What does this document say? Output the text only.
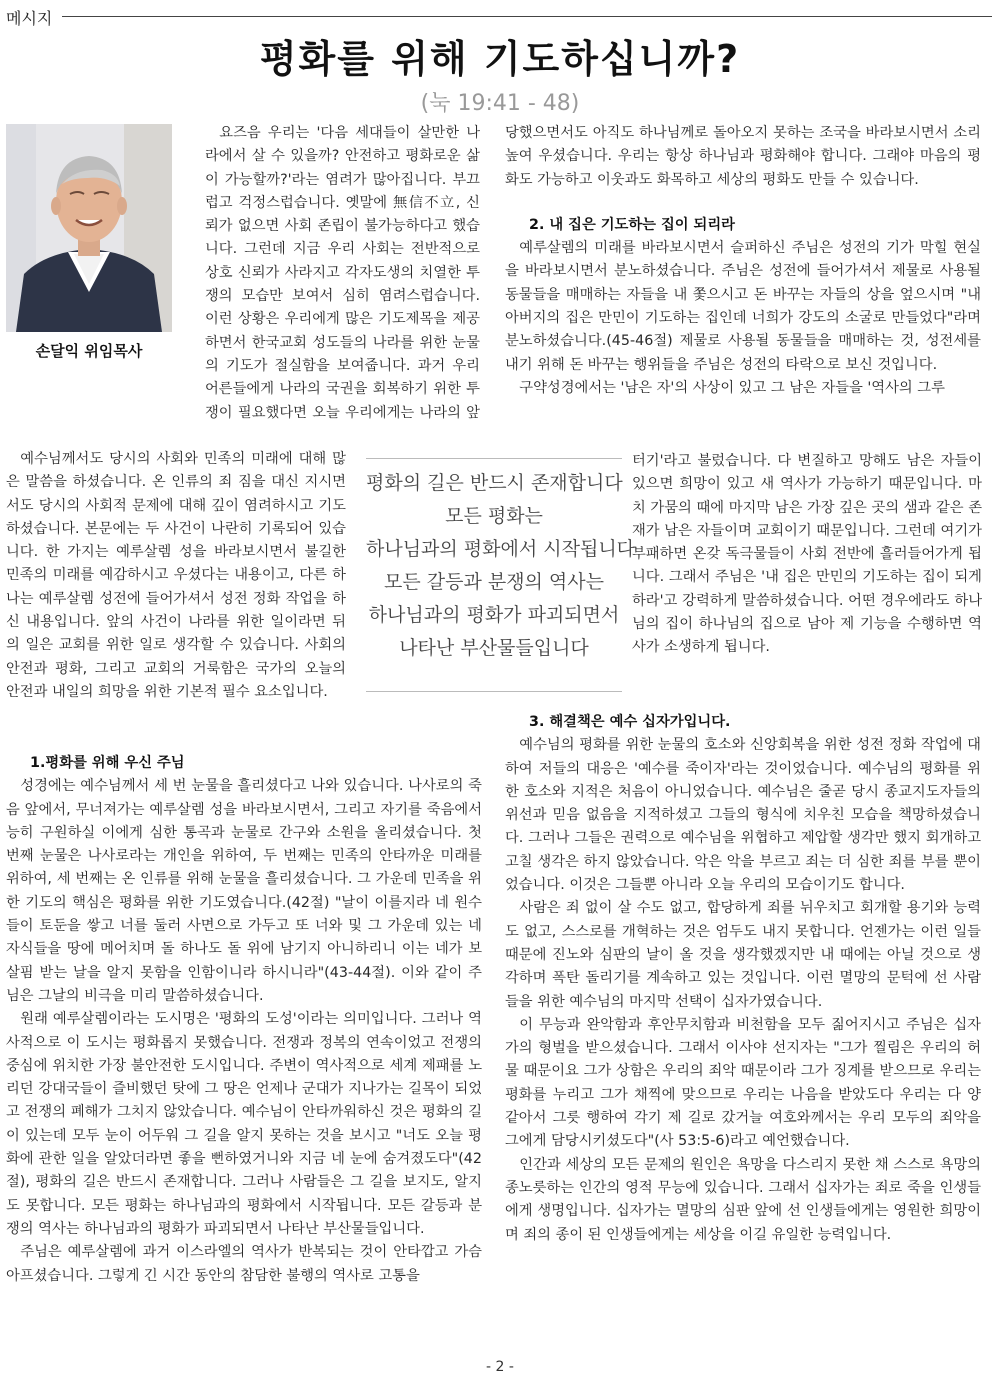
메시지
평화를 위해 기도하십니까?
(눅 19:41 - 48)
손달익 위임목사

요즈음 우리는 '다음 세대들이 살만한 나라에서 살 수 있을까? 안전하고 평화로운 삶이 가능할까?'라는 염려가 많아집니다. 부끄럽고 걱정스럽습니다. 옛말에 無信不立, 신뢰가 없으면 사회 존립이 불가능하다고 했습니다. 그런데 지금 우리 사회는 전반적으로 상호 신뢰가 사라지고 각자도생의 치열한 투쟁의 모습만 보여서 심히 염려스럽습니다. 이런 상황은 우리에게 많은 기도제목을 제공하면서 한국교회 성도들의 나라를 위한 눈물의 기도가 절실함을 보여줍니다. 과거 우리 어른들에게 나라의 국권을 회복하기 위한 투쟁이 필요했다면 오늘 우리에게는 나라의 앞

예수님께서도 당시의 사회와 민족의 미래에 대해 많은 말씀을 하셨습니다. 온 인류의 죄 짐을 대신 지시면서도 당시의 사회적 문제에 대해 깊이 염려하시고 기도하셨습니다. 본문에는 두 사건이 나란히 기록되어 있습니다. 한 가지는 예루살렘 성을 바라보시면서 불길한 민족의 미래를 예감하시고 우셨다는 내용이고, 다른 하나는 예루살렘 성전에 들어가셔서 성전 정화 작업을 하신 내용입니다. 앞의 사건이 나라를 위한 일이라면 뒤의 일은 교회를 위한 일로 생각할 수 있습니다. 사회의 안전과 평화, 그리고 교회의 거룩함은 국가의 오늘의 안전과 내일의 희망을 위한 기본적 필수 요소입니다.

평화의 길은 반드시 존재합니다
모든 평화는
하나님과의 평화에서 시작됩니다
모든 갈등과 분쟁의 역사는
하나님과의 평화가 파괴되면서
나타난 부산물들입니다

1.평화를 위해 우신 주님

성경에는 예수님께서 세 번 눈물을 흘리셨다고 나와 있습니다. 나사로의 죽음 앞에서, 무너져가는 예루살렘 성을 바라보시면서, 그리고 자기를 죽음에서 능히 구원하실 이에게 심한 통곡과 눈물로 간구와 소원을 올리셨습니다. 첫 번째 눈물은 나사로라는 개인을 위하여, 두 번째는 민족의 안타까운 미래를 위하여, 세 번째는 온 인류를 위해 눈물을 흘리셨습니다. 그 가운데 민족을 위한 기도의 핵심은 평화를 위한 기도였습니다.(42절) "날이 이를지라 네 원수들이 토둔을 쌓고 너를 둘러 사면으로 가두고 또 너와 및 그 가운데 있는 네 자식들을 땅에 메어치며 돌 하나도 돌 위에 남기지 아니하리니 이는 네가 보살핌 받는 날을 알지 못함을 인함이니라 하시니라"(43-44절). 이와 같이 주님은 그날의 비극을 미리 말씀하셨습니다.

원래 예루살렘이라는 도시명은 '평화의 도성'이라는 의미입니다. 그러나 역사적으로 이 도시는 평화롭지 못했습니다. 전쟁과 정복의 연속이었고 전쟁의 중심에 위치한 가장 불안전한 도시입니다. 주변이 역사적으로 세계 제패를 노리던 강대국들이 즐비했던 탓에 그 땅은 언제나 군대가 지나가는 길목이 되었고 전쟁의 폐해가 그치지 않았습니다. 예수님이 안타까워하신 것은 평화의 길이 있는데 모두 눈이 어두워 그 길을 알지 못하는 것을 보시고 "너도 오늘 평화에 관한 일을 알았더라면 좋을 뻔하였거니와 지금 네 눈에 숨겨졌도다"(42절), 평화의 길은 반드시 존재합니다. 그러나 사람들은 그 길을 보지도, 알지도 못합니다. 모든 평화는 하나님과의 평화에서 시작됩니다. 모든 갈등과 분쟁의 역사는 하나님과의 평화가 파괴되면서 나타난 부산물들입니다.

주님은 예루살렘에 과거 이스라엘의 역사가 반복되는 것이 안타깝고 가슴 아프셨습니다. 그렇게 긴 시간 동안의 참담한 불행의 역사로 고통을

당했으면서도 아직도 하나님께로 돌아오지 못하는 조국을 바라보시면서 소리 높여 우셨습니다. 우리는 항상 하나님과 평화해야 합니다. 그래야 마음의 평화도 가능하고 이웃과도 화목하고 세상의 평화도 만들 수 있습니다.

2. 내 집은 기도하는 집이 되리라

예루살렘의 미래를 바라보시면서 슬퍼하신 주님은 성전의 기가 막힐 현실을 바라보시면서 분노하셨습니다. 주님은 성전에 들어가셔서 제물로 사용될 동물들을 매매하는 자들을 내 쫓으시고 돈 바꾸는 자들의 상을 엎으시며 "내 아버지의 집은 만민이 기도하는 집인데 너희가 강도의 소굴로 만들었다"라며 분노하셨습니다.(45-46절) 제물로 사용될 동물들을 매매하는 것, 성전세를 내기 위해 돈 바꾸는 행위들을 주님은 성전의 타락으로 보신 것입니다.

구약성경에서는 '남은 자'의 사상이 있고 그 남은 자들을 '역사의 그루

터기'라고 불렀습니다. 다 변질하고 망해도 남은 자들이 있으면 희망이 있고 새 역사가 가능하기 때문입니다. 마치 가뭄의 때에 마지막 남은 가장 깊은 곳의 샘과 같은 존재가 남은 자들이며 교회이기 때문입니다. 그런데 여기가 부패하면 온갖 독극물들이 사회 전반에 흘러들어가게 됩니다. 그래서 주님은 '내 집은 만민의 기도하는 집이 되게 하라'고 강력하게 말씀하셨습니다. 어떤 경우에라도 하나님의 집이 하나님의 집으로 남아 제 기능을 수행하면 역사가 소생하게 됩니다.

3. 해결책은 예수 십자가입니다.

예수님의 평화를 위한 눈물의 호소와 신앙회복을 위한 성전 정화 작업에 대하여 저들의 대응은 '예수를 죽이자'라는 것이었습니다. 예수님의 평화를 위한 호소와 지적은 처음이 아니었습니다. 예수님은 줄곧 당시 종교지도자들의 위선과 믿음 없음을 지적하셨고 그들의 형식에 치우친 모습을 책망하셨습니다. 그러나 그들은 권력으로 예수님을 위협하고 제압할 생각만 했지 회개하고 고칠 생각은 하지 않았습니다. 악은 악을 부르고 죄는 더 심한 죄를 부를 뿐이었습니다. 이것은 그들뿐 아니라 오늘 우리의 모습이기도 합니다.

사람은 죄 없이 살 수도 없고, 합당하게 죄를 뉘우치고 회개할 용기와 능력도 없고, 스스로를 개혁하는 것은 엄두도 내지 못합니다. 언젠가는 이런 일들 때문에 진노와 심판의 날이 올 것을 생각했겠지만 내 때에는 아닐 것으로 생각하며 폭탄 돌리기를 계속하고 있는 것입니다. 이런 멸망의 문턱에 선 사람들을 위한 예수님의 마지막 선택이 십자가였습니다.

이 무능과 완악함과 후안무치함과 비천함을 모두 짊어지시고 주님은 십자가의 형벌을 받으셨습니다. 그래서 이사야 선지자는 "그가 찔림은 우리의 허물 때문이요 그가 상함은 우리의 죄악 때문이라 그가 징계를 받으므로 우리는 평화를 누리고 그가 채찍에 맞으므로 우리는 나음을 받았도다 우리는 다 양 같아서 그릇 행하여 각기 제 길로 갔거늘 여호와께서는 우리 모두의 죄악을 그에게 담당시키셨도다"(사 53:5-6)라고 예언했습니다.

인간과 세상의 모든 문제의 원인은 욕망을 다스리지 못한 채 스스로 욕망의 종노릇하는 인간의 영적 무능에 있습니다. 그래서 십자가는 죄로 죽을 인생들에게 생명입니다. 십자가는 멸망의 심판 앞에 선 인생들에게는 영원한 희망이며 죄의 종이 된 인생들에게는 세상을 이길 유일한 능력입니다.

- 2 -
